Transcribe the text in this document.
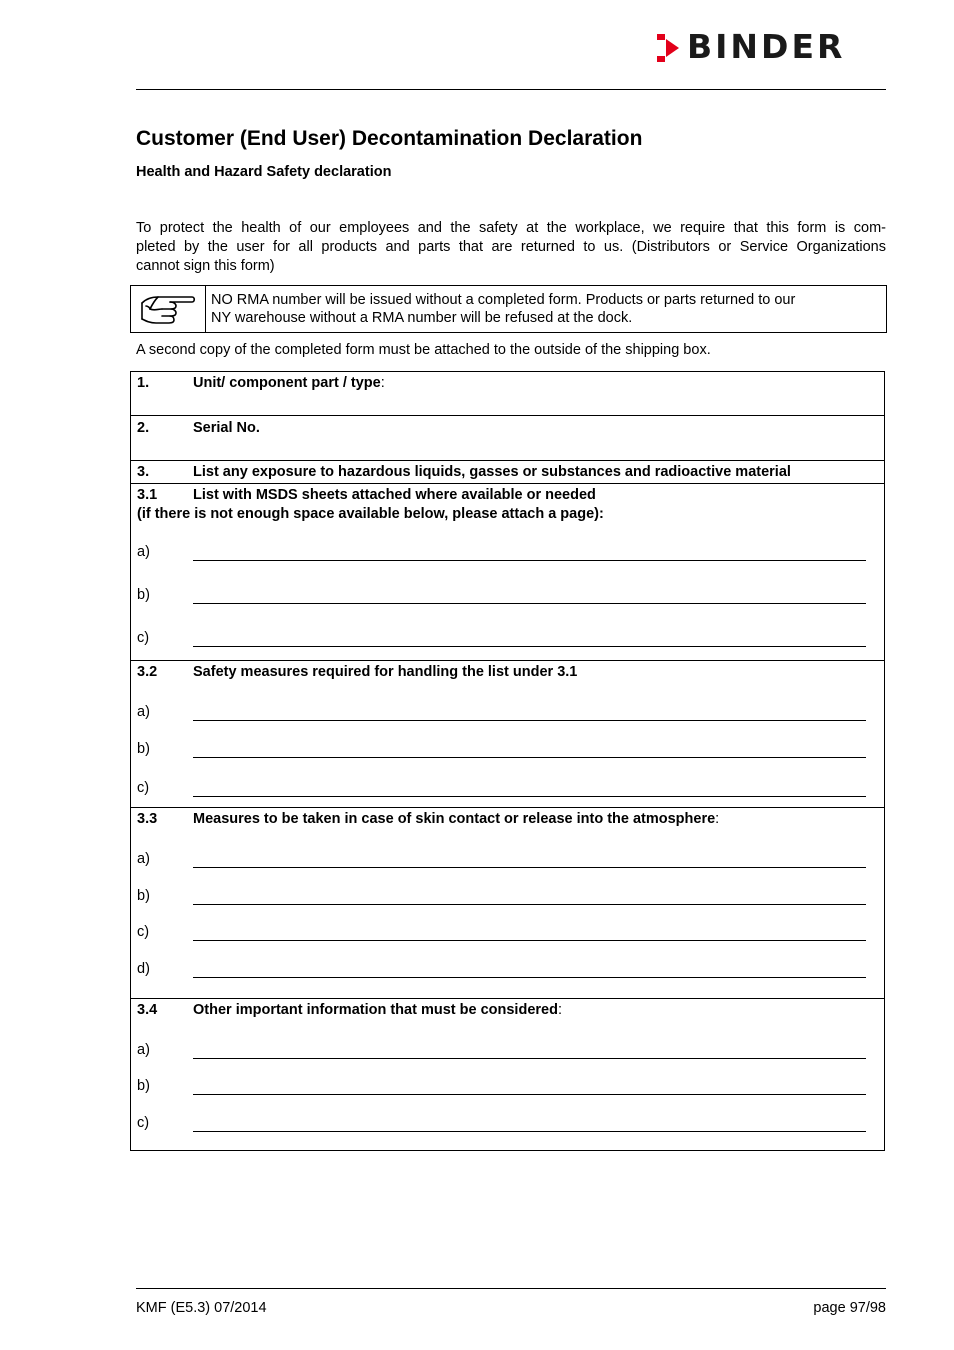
BINDER
Customer (End User) Decontamination Declaration
Health and Hazard Safety declaration
To protect the health of our employees and the safety at the workplace, we require that this form is com-
pleted by the user for all products and parts that are returned to us. (Distributors or Service Organizations
cannot sign this form)
NO RMA number will be issued without a completed form. Products or parts returned to our
NY warehouse without a RMA number will be refused at the dock.
A second copy of the completed form must be attached to the outside of the shipping box.
1.	Unit/ component part / type:
2.	Serial No.
3.	List any exposure to hazardous liquids, gasses or substances and radioactive material
3.1 List with MSDS sheets attached where available or needed
(if there is not enough space available below, please attach a page):
a)
b)
c)
3.2 Safety measures required for handling the list under 3.1
a)
b)
c)
3.3 Measures to be taken in case of skin contact or release into the atmosphere:
a)
b)
c)
d)
3.4 Other important information that must be considered:
a)
b)
c)
KMF (E5.3) 07/2014	page 97/98
